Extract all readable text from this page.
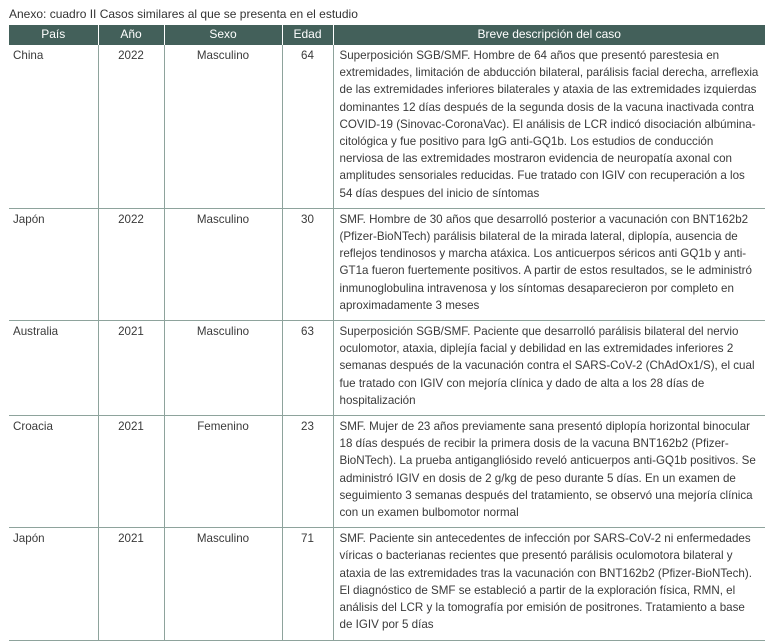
Anexo: cuadro II Casos similares al que se presenta en el estudio
País	Año	Sexo	Edad	Breve descripción del caso
China	2022	Masculino	64	Superposición SGB/SMF. Hombre de 64 años que presentó parestesia en extremidades, limitación de abducción bilateral, parálisis facial derecha, arreflexia de las extremidades inferiores bilaterales y ataxia de las extremidades izquierdas dominantes 12 días después de la segunda dosis de la vacuna inactivada contra COVID-19 (Sinovac-CoronaVac). El análisis de LCR indicó disociación albúmina-citológica y fue positivo para IgG anti-GQ1b. Los estudios de conducción nerviosa de las extremidades mostraron evidencia de neuropatía axonal con amplitudes sensoriales reducidas. Fue tratado con IGIV con recuperación a los 54 días despues del inicio de síntomas
Japón	2022	Masculino	30	SMF. Hombre de 30 años que desarrolló posterior a vacunación con BNT162b2 (Pfizer-BioNTech) parálisis bilateral de la mirada lateral, diplopía, ausencia de reflejos tendinosos y marcha atáxica. Los anticuerpos séricos anti GQ1b y anti-GT1a fueron fuertemente positivos. A partir de estos resultados, se le administró inmunoglobulina intravenosa y los síntomas desaparecieron por completo en aproximadamente 3 meses
Australia	2021	Masculino	63	Superposición SGB/SMF. Paciente que desarrolló parálisis bilateral del nervio oculomotor, ataxia, diplejía facial y debilidad en las extremidades inferiores 2 semanas después de la vacunación contra el SARS-CoV-2 (ChAdOx1/S), el cual fue tratado con IGIV con mejoría clínica y dado de alta a los 28 días de hospitalización
Croacia	2021	Femenino	23	SMF. Mujer de 23 años previamente sana presentó diplopía horizontal binocular 18 días después de recibir la primera dosis de la vacuna BNT162b2 (Pfizer-BioNTech). La prueba antigangliósido reveló anticuerpos anti-GQ1b positivos. Se administró IGIV en dosis de 2 g/kg de peso durante 5 días. En un examen de seguimiento 3 semanas después del tratamiento, se observó una mejoría clínica con un examen bulbomotor normal
Japón	2021	Masculino	71	SMF. Paciente sin antecedentes de infección por SARS-CoV-2 ni enfermedades víricas o bacterianas recientes que presentó parálisis oculomotora bilateral y ataxia de las extremidades tras la vacunación con BNT162b2 (Pfizer-BioNTech). El diagnóstico de SMF se estableció a partir de la exploración física, RMN, el análisis del LCR y la tomografía por emisión de positrones. Tratamiento a base de IGIV por 5 días
